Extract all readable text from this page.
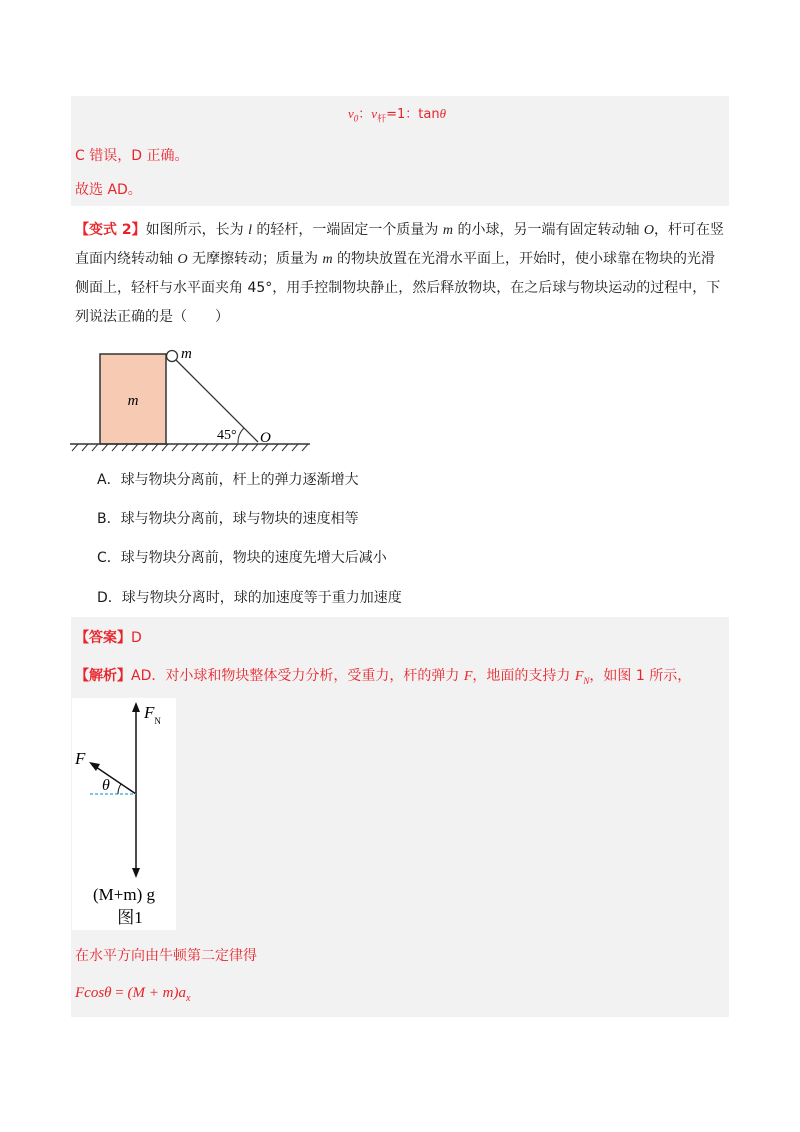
$v_0$：$v_杆=1$：tanθ
C 错误，D 正确。
故选 AD。
【变式 2】如图所示，长为 l 的轻杆，一端固定一个质量为 m 的小球，另一端有固定转动轴 O，杆可在竖直面内绕转动轴 O 无摩擦转动；质量为 m 的物块放置在光滑水平面上，开始时，使小球靠在物块的光滑侧面上，轻杆与水平面夹角 45°，用手控制物块静止，然后释放物块，在之后球与物块运动的过程中，下列说法正确的是（　　）
m
m
45° O
A．球与物块分离前，杆上的弹力逐渐增大
B．球与物块分离前，球与物块的速度相等
C．球与物块分离前，物块的速度先增大后减小
D．球与物块分离时，球的加速度等于重力加速度
【答案】D
【解析】AD．对小球和物块整体受力分析，受重力，杆的弹力 F，地面的支持力 $F_N$，如图 1 所示，
$F_N$
F
θ
(M+m) g
图1
在水平方向由牛顿第二定律得
$Fcos\theta = (M + m)a_x$
